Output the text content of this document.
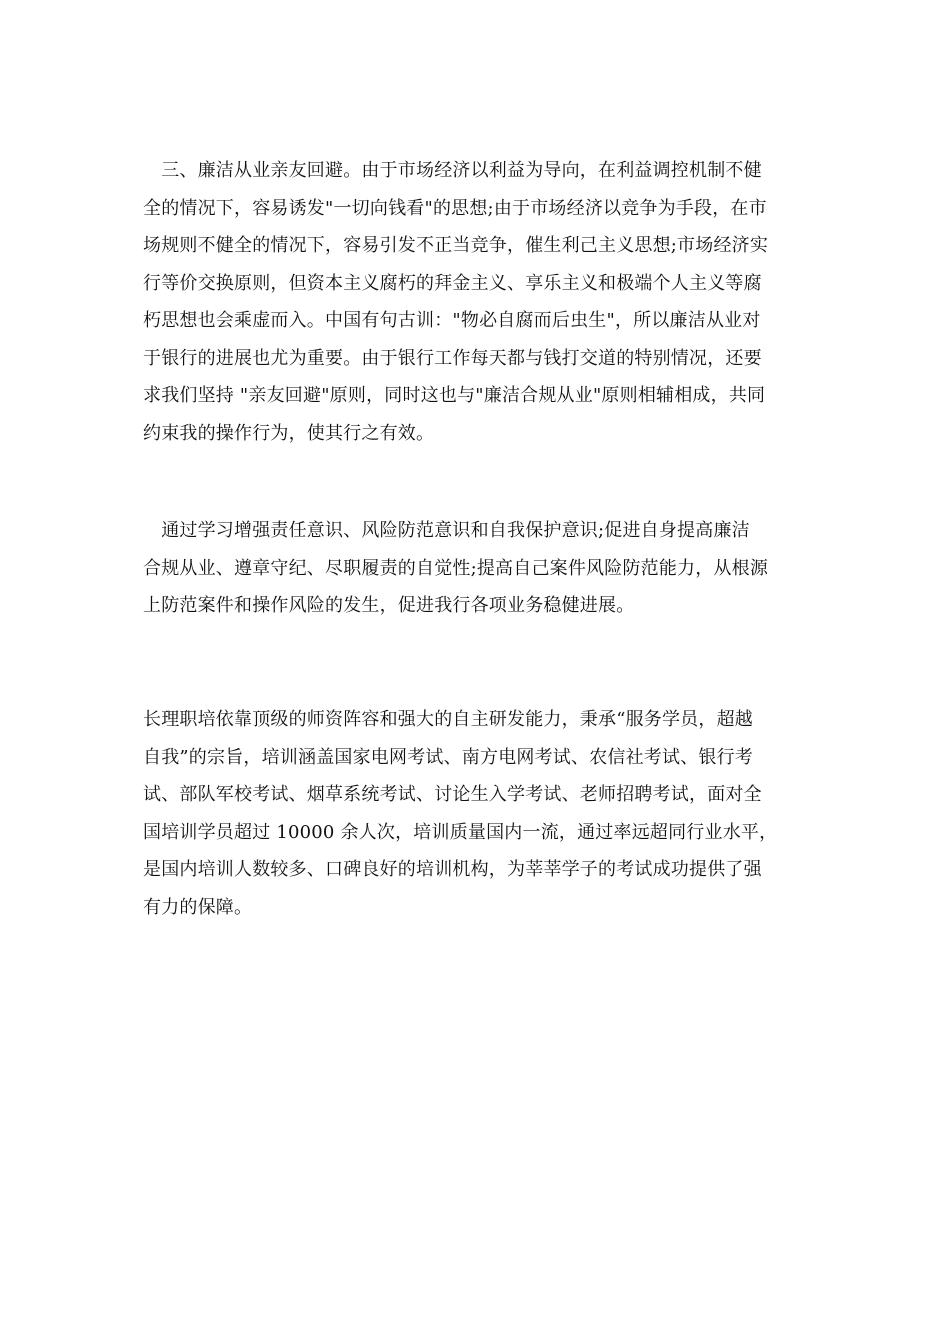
　三、廉洁从业亲友回避。由于市场经济以利益为导向，在利益调控机制不健
全的情况下，容易诱发"一切向钱看"的思想;由于市场经济以竞争为手段，在市
场规则不健全的情况下，容易引发不正当竞争，催生利己主义思想;市场经济实
行等价交换原则，但资本主义腐朽的拜金主义、享乐主义和极端个人主义等腐
朽思想也会乘虚而入。中国有句古训："物必自腐而后虫生"，所以廉洁从业对
于银行的进展也尤为重要。由于银行工作每天都与钱打交道的特别情况，还要
求我们坚持 "亲友回避"原则，同时这也与"廉洁合规从业"原则相辅相成，共同
约束我的操作行为，使其行之有效。
　通过学习增强责任意识、风险防范意识和自我保护意识;促进自身提高廉洁
合规从业、遵章守纪、尽职履责的自觉性;提高自己案件风险防范能力，从根源
上防范案件和操作风险的发生，促进我行各项业务稳健进展。
长理职培依靠顶级的师资阵容和强大的自主研发能力，秉承“服务学员，超越
自我”的宗旨，培训涵盖国家电网考试、南方电网考试、农信社考试、银行考
试、部队军校考试、烟草系统考试、讨论生入学考试、老师招聘考试，面对全
国培训学员超过 10000 余人次，培训质量国内一流，通过率远超同行业水平，
是国内培训人数较多、口碑良好的培训机构，为莘莘学子的考试成功提供了强
有力的保障。
